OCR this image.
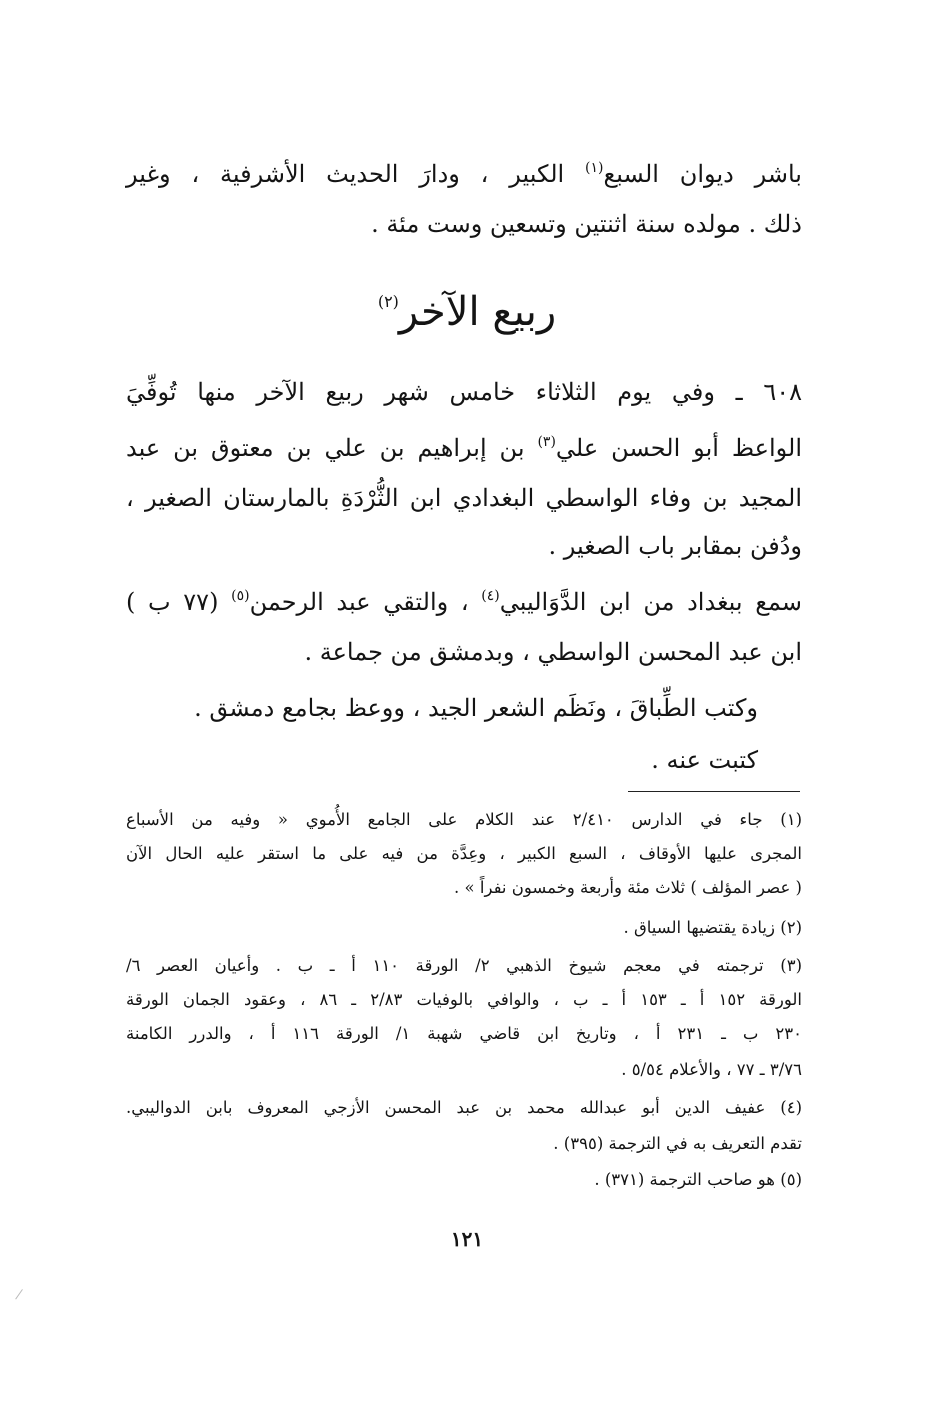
باشر ديوان السبع$^{(١)}$ الكبير ، ودارَ الحديث الأشرفية ، وغير
ذلك . مولده سنة اثنتين وتسعين وست مئة .
ربيع الآخر$^{(٢)}$
٦٠٨ ـ وفي يوم الثلاثاء خامس شهر ربيع الآخر منها تُوفِّيَ
الواعظ أبو الحسن علي$^{(٣)}$ بن إبراهيم بن علي بن معتوق بن عبد
المجيد بن وفاء الواسطي البغدادي ابن الثُّرْدَةِ بالمارستان الصغير ،
ودُفن بمقابر باب الصغير .
سمع ببغداد من ابن الدَّوَاليبي$^{(٤)}$ ، والتقي عبد الرحمن$^{(٥)}$ (٧٧ ب )
ابن عبد المحسن الواسطي ، وبدمشق من جماعة .
وكتب الطِّباقَ ، ونَظَم الشعر الجيد ، ووعظ بجامع دمشق .
كتبت عنه .
(١) جاء في الدارس ٢/٤١٠ عند الكلام على الجامع الأُموي « وفيه من الأسباع
المجرى عليها الأوقاف ، السبع الكبير ، وعِدَّة من فيه على ما استقر عليه الحال الآن
( عصر المؤلف ) ثلاث مئة وأربعة وخمسون نفراً » .
(٢) زيادة يقتضيها السياق .
(٣) ترجمته في معجم شيوخ الذهبي ٢/ الورقة ١١٠ أ ـ ب . وأعيان العصر ٦/
الورقة ١٥٢ أ ـ ١٥٣ أ ـ ب ، والوافي بالوفيات ٢/٨٣ ـ ٨٦ ، وعقود الجمان الورقة
٢٣٠ ب ـ ٢٣١ أ ، وتاريخ ابن قاضي شهبة ١/ الورقة ١١٦ أ ، والدرر الكامنة
٣/٧٦ ـ ٧٧ ، والأعلام ٥/٥٤ .
(٤) عفيف الدين أبو عبدالله محمد بن عبد المحسن الأزجي المعروف بابن الدواليبي.
تقدم التعريف به في الترجمة (٣٩٥) .
(٥) هو صاحب الترجمة (٣٧١) .
١٢١
